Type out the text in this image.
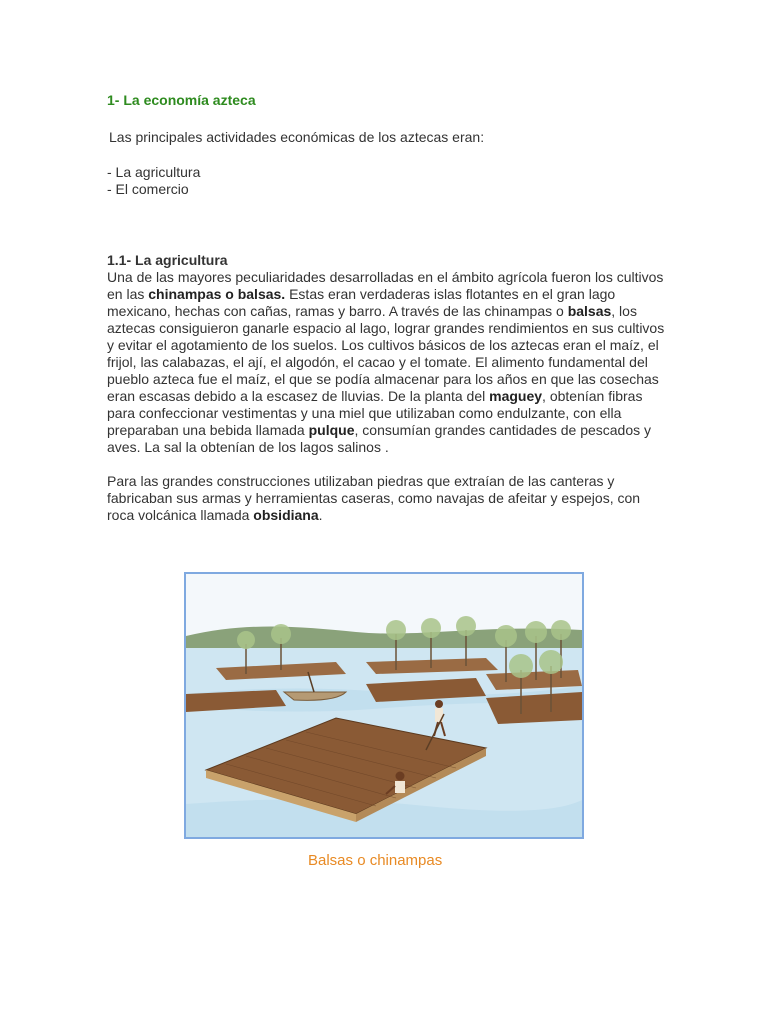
1- La economía azteca

Las principales actividades económicas de los aztecas eran:

- La agricultura
- El comercio
1.1- La agricultura

Una de las mayores peculiaridades desarrolladas en el ámbito agrícola fueron los cultivos en las chinampas o balsas. Estas eran verdaderas islas flotantes en el gran lago mexicano, hechas con cañas, ramas y barro. A través de las chinampas o balsas, los aztecas consiguieron ganarle espacio al lago, lograr grandes rendimientos en sus cultivos y evitar el agotamiento de los suelos. Los cultivos básicos de los aztecas eran el maíz, el frijol, las calabazas, el ají, el algodón, el cacao y el tomate. El alimento fundamental del pueblo azteca fue el maíz, el que se podía almacenar para los años en que las cosechas eran escasas debido a la escasez de lluvias. De la planta del maguey, obtenían fibras para confeccionar vestimentas y una miel que utilizaban como endulzante, con ella preparaban una bebida llamada pulque, consumían grandes cantidades de pescados y aves. La sal la obtenían de los lagos salinos .

Para las grandes construcciones utilizaban piedras que extraían de las canteras y fabricaban sus armas y herramientas caseras, como navajas de afeitar y espejos, con roca volcánica llamada obsidiana.

Balsas o chinampas
